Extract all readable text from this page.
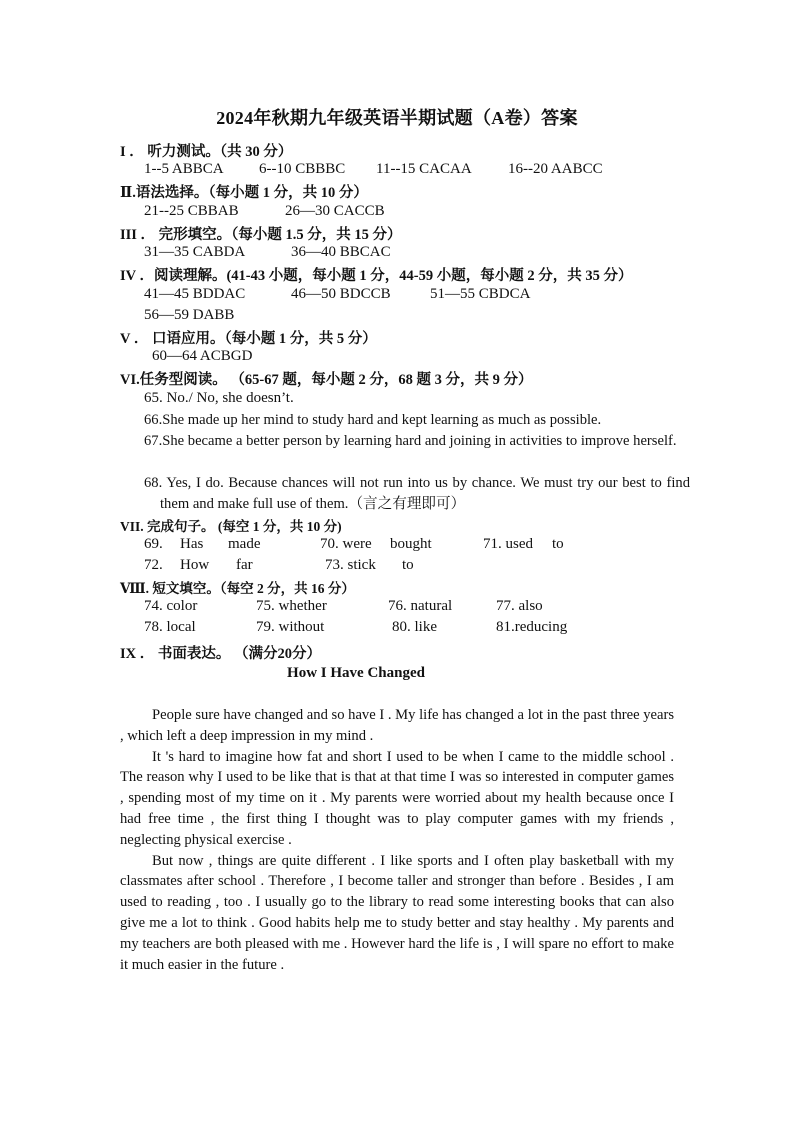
2024年秋期九年级英语半期试题（A卷）答案
I ． 听力测试。（共 30 分）
1--5 ABBCA 6--10 CBBBC 11--15 CACAA 16--20 AABCC
Ⅱ.语法选择。（每小题 1 分，共 10 分）
21--25 CBBAB	26—30 CACCB
III ． 完形填空。（每小题 1.5 分，共 15 分）
31—35 CABDA	36—40 BBCAC
IV ．阅读理解。(41-43 小题，每小题 1 分，44-59 小题，每小题 2 分，共 35 分）
41—45 BDDAC	46—50 BDCCB	51—55 CBDCA
56—59 DABB
V ． 口语应用。（每小题 1 分，共 5 分）
60—64 ACBGD
VI.任务型阅读。 （65-67 题，每小题 2 分，68 题 3 分，共 9 分）
65. No./ No, she doesn’t.
66.She made up her mind to study hard and kept learning as much as possible.
67.She became a better person by learning hard and joining in activities to improve herself.
68. Yes, I do. Because chances will not run into us by chance. We must try our best to find them and make full use of them.（言之有理即可）
VII. 完成句子。 (每空 1 分，共 10 分)
69. Has made	70. were bought	71. used to
72. How far	73. stick to
Ⅷ. 短文填空。（每空 2 分，共 16 分）
74. color	75. whether	76. natural	77. also
78. local	79. without	80. like	81.reducing
IX ． 书面表达。 （满分20分）
How I Have Changed

People sure have changed and so have I . My life has changed a lot in the past three years , which left a deep impression in my mind .

It 's hard to imagine how fat and short I used to be when I came to the middle school . The reason why I used to be like that is that at that time I was so interested in computer games , spending most of my time on it . My parents were worried about my health because once I had free time , the first thing I thought was to play computer games with my friends , neglecting physical exercise .

But now , things are quite different . I like sports and I often play basketball with my classmates after school . Therefore , I become taller and stronger than before . Besides , I am used to reading , too . I usually go to the library to read some interesting books that can also give me a lot to think . Good habits help me to study better and stay healthy . My parents and my teachers are both pleased with me . However hard the life is , I will spare no effort to make it much easier in the future .
